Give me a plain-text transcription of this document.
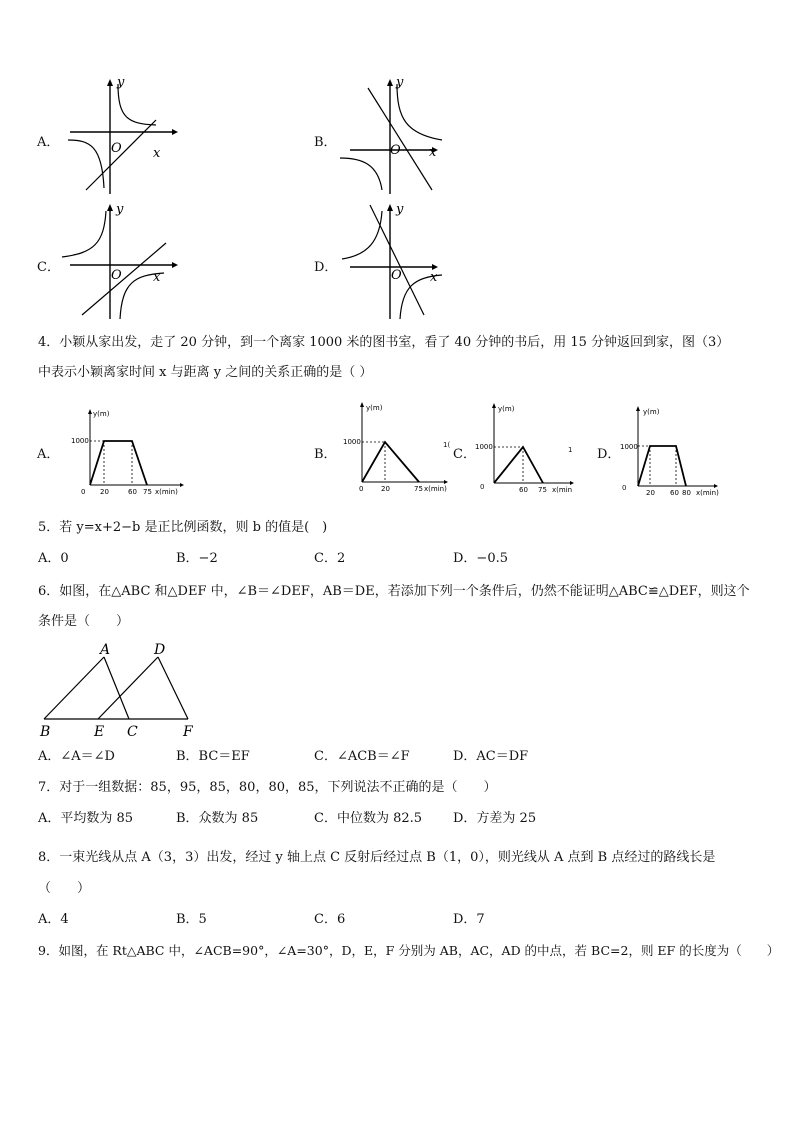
A．
y
O x
B．
y
O x
C．
y
O x
D．
y
O x
4．小颖从家出发，走了 20 分钟，到一个离家 1000 米的图书室，看了 40 分钟的书后，用 15 分钟返回到家，图（3）
中表示小颖离家时间 x 与距离 y 之间的关系正确的是（ ）
A．
y(m)
1000
0 20	60 75 x(min)
B．
y(m)
1000
0	20	75 x(min)
1(
C．	1
0
y(m)
1000
60 75 x(min
D．
0
y(m)
1000
20 60 80 x(min)
5．若 y=x+2−b 是正比例函数，则 b 的值是(　)
A．0	B．−2	C．2	D．−0.5
6．如图，在△ABC 和△DEF 中，∠B＝∠DEF，AB＝DE，若添加下列一个条件后，仍然不能证明△ABC≌△DEF，则这个
条件是（　　）
A	D
B	E C	F
A．∠A＝∠D	B．BC＝EF	C．∠ACB＝∠F	D．AC＝DF
7．对于一组数据：85，95，85，80，80，85，下列说法不正确的是（　　）
A．平均数为 85	B．众数为 85	C．中位数为 82.5 D．方差为 25
8．一束光线从点 A（3，3）出发，经过 y 轴上点 C 反射后经过点 B（1，0），则光线从 A 点到 B 点经过的路线长是
（　　）
A．4	B．5	C．6	D．7
9．如图，在 Rt△ABC 中，∠ACB=90°，∠A=30°，D，E，F 分别为 AB，AC，AD 的中点，若 BC=2，则 EF 的长度为（　　）
